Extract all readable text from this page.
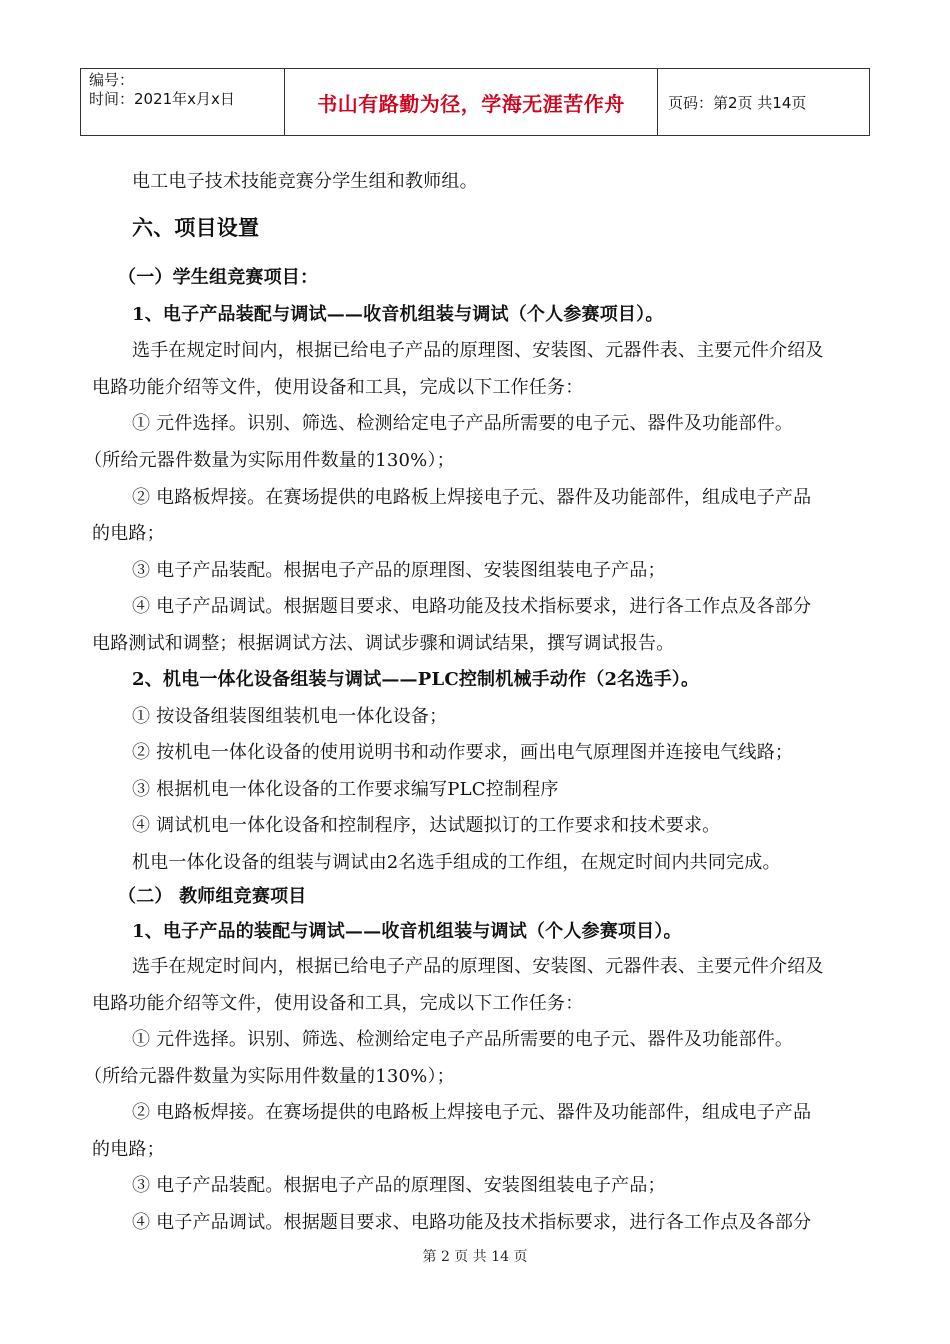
编号：
时间：2021年x月x日	书山有路勤为径，学海无涯苦作舟	页码：第2页 共14页
电工电子技术技能竞赛分学生组和教师组。
六、项目设置
（一）学生组竞赛项目：
1、电子产品装配与调试——收音机组装与调试（个人参赛项目）。
选手在规定时间内，根据已给电子产品的原理图、安装图、元器件表、主要元件介绍及
电路功能介绍等文件，使用设备和工具，完成以下工作任务：
① 元件选择。识别、筛选、检测给定电子产品所需要的电子元、器件及功能部件。
（所给元器件数量为实际用件数量的130%）；
② 电路板焊接。在赛场提供的电路板上焊接电子元、器件及功能部件，组成电子产品
的电路；
③ 电子产品装配。根据电子产品的原理图、安装图组装电子产品；
④ 电子产品调试。根据题目要求、电路功能及技术指标要求，进行各工作点及各部分
电路测试和调整；根据调试方法、调试步骤和调试结果，撰写调试报告。
2、机电一体化设备组装与调试——PLC控制机械手动作（2名选手）。
① 按设备组装图组装机电一体化设备；
② 按机电一体化设备的使用说明书和动作要求，画出电气原理图并连接电气线路；
③ 根据机电一体化设备的工作要求编写PLC控制程序
④ 调试机电一体化设备和控制程序，达试题拟订的工作要求和技术要求。
机电一体化设备的组装与调试由2名选手组成的工作组，在规定时间内共同完成。
（二） 教师组竞赛项目
1、电子产品的装配与调试——收音机组装与调试（个人参赛项目）。
选手在规定时间内，根据已给电子产品的原理图、安装图、元器件表、主要元件介绍及
电路功能介绍等文件，使用设备和工具，完成以下工作任务：
① 元件选择。识别、筛选、检测给定电子产品所需要的电子元、器件及功能部件。
（所给元器件数量为实际用件数量的130%）；
② 电路板焊接。在赛场提供的电路板上焊接电子元、器件及功能部件，组成电子产品
的电路；
③ 电子产品装配。根据电子产品的原理图、安装图组装电子产品；
④ 电子产品调试。根据题目要求、电路功能及技术指标要求，进行各工作点及各部分
第 2 页 共 14 页
